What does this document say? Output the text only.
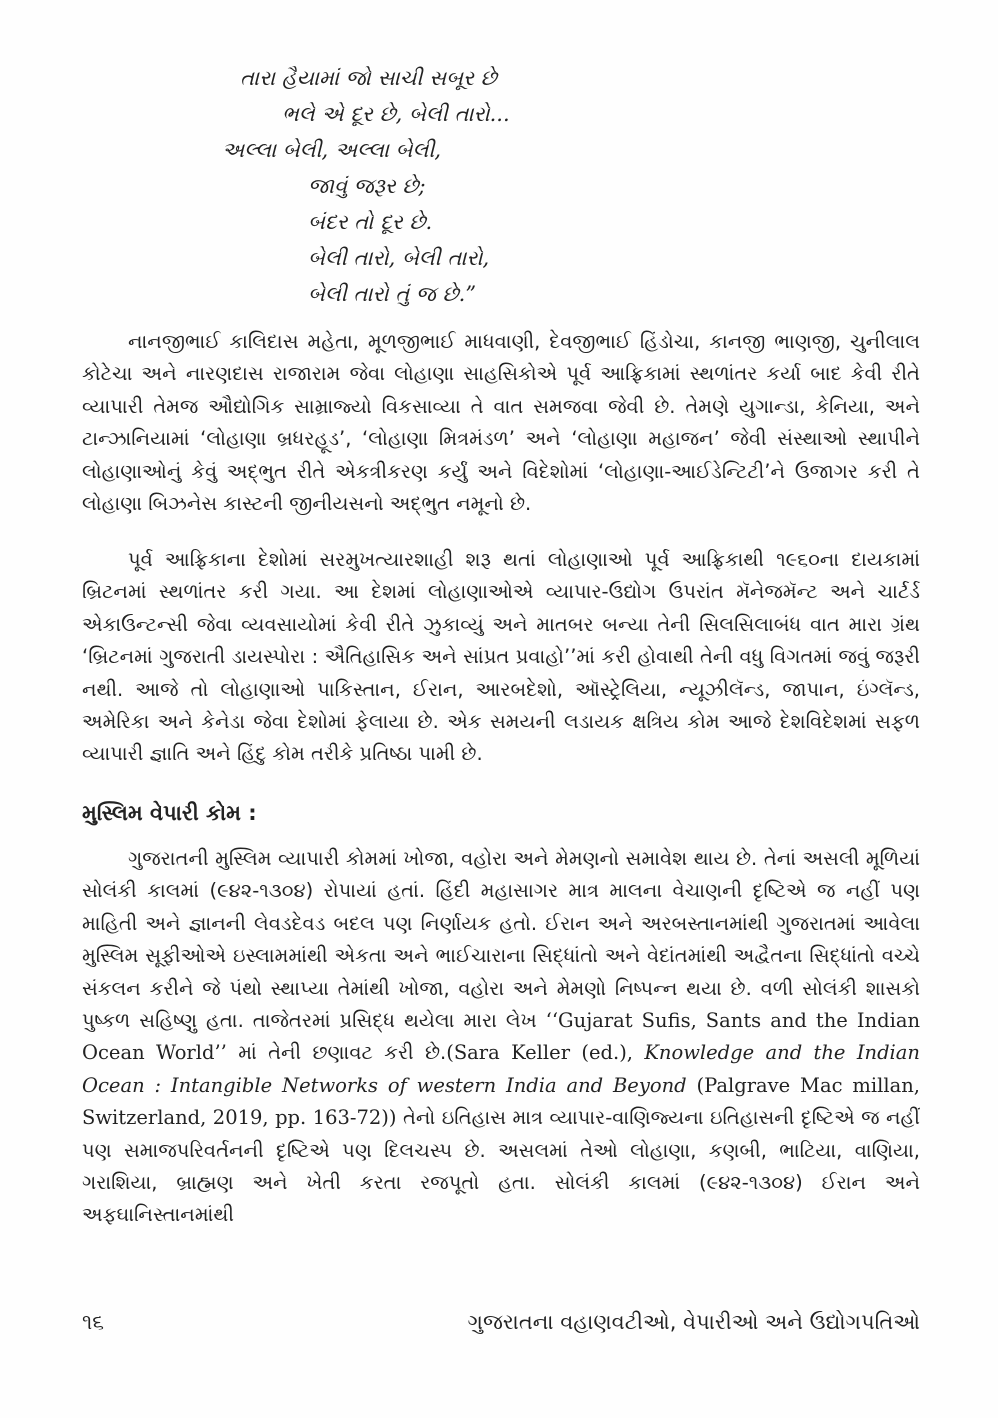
તારા હૈયામાં જો સાચી સબૂર છે
ભલે એ દૂર છે, બેલી તારો...
અલ્લા બેલી, અલ્લા બેલી,
જાવું જરૂર છે;
બંદર તો દૂર છે.
બેલી તારો, બેલી તારો,
બેલી તારો તું જ છે.”

નાનજીભાઈ કાલિદાસ મહેતા, મૂળજીભાઈ માધવાણી, દેવજીભાઈ હિંડોચા, કાનજી ભાણજી, ચુનીલાલ કોટેચા અને નારણદાસ રાજારામ જેવા લોહાણા સાહસિકોએ પૂર્વ આફ્રિકામાં સ્થળાંતર કર્યા બાદ કેવી રીતે વ્યાપારી તેમજ ઔદ્યોગિક સામ્રાજ્યો વિકસાવ્યા તે વાત સમજવા જેવી છે. તેમણે યુગાન્ડા, કેનિયા, અને ટાન્ઝાનિયામાં ‘લોહાણા બ્રધરહૂડ’, ‘લોહાણા મિત્રમંડળ’ અને ‘લોહાણા મહાજન’ જેવી સંસ્થાઓ સ્થાપીને લોહાણાઓનું કેવું અદ્‌ભુત રીતે એકત્રીકરણ કર્યું અને વિદેશોમાં ‘લોહાણા-આઈડેન્ટિટી’ને ઉજાગર કરી તે લોહાણા બિઝનેસ કાસ્ટની જીનીયસનો અદ્‌ભુત નમૂનો છે.

પૂર્વ આફ્રિકાના દેશોમાં સરમુખત્યારશાહી શરૂ થતાં લોહાણાઓ પૂર્વ આફ્રિકાથી ૧૯૬૦ના દાયકામાં બ્રિટનમાં સ્થળાંતર કરી ગયા. આ દેશમાં લોહાણાઓએ વ્યાપાર-ઉદ્યોગ ઉપરાંત મૅનેજમૅન્ટ અને ચાર્ટર્ડ એકાઉન્ટન્સી જેવા વ્યવસાયોમાં કેવી રીતે ઝુકાવ્યું અને માતબર બન્યા તેની સિલસિલાબંધ વાત મારા ગ્રંથ ‘બ્રિટનમાં ગુજરાતી ડાયસ્પોરા : ઐતિહાસિક અને સાંપ્રત પ્રવાહો’’માં કરી હોવાથી તેની વધુ વિગતમાં જવું જરૂરી નથી. આજે તો લોહાણાઓ પાકિસ્તાન, ઈરાન, આરબદેશો, ઑસ્ટ્રેલિયા, ન્યૂઝીલૅન્ડ, જાપાન, ઇંગ્લૅન્ડ, અમેરિકા અને કેનેડા જેવા દેશોમાં ફેલાયા છે. એક સમયની લડાયક ક્ષત્રિય કોમ આજે દેશવિદેશમાં સફળ વ્યાપારી જ્ઞાતિ અને હિંદુ કોમ તરીકે પ્રતિષ્ઠા પામી છે.

મુસ્લિમ વેપારી કોમ :

ગુજરાતની મુસ્લિમ વ્યાપારી કોમમાં ખોજા, વહોરા અને મેમણનો સમાવેશ થાય છે. તેનાં અસલી મૂળિયાં સોલંકી કાલમાં (૯૪૨-૧૩૦૪) રોપાયાં હતાં. હિંદી મહાસાગર માત્ર માલના વેચાણની દૃષ્ટિએ જ નહીં પણ માહિતી અને જ્ઞાનની લેવડદેવડ બદલ પણ નિર્ણાયક હતો. ઈરાન અને અરબસ્તાનમાંથી ગુજરાતમાં આવેલા મુસ્લિમ સૂફીઓએ ઇસ્લામમાંથી એકતા અને ભાઈચારાના સિદ્ધાંતો અને વેદાંતમાંથી અદ્વૈતના સિદ્ધાંતો વચ્ચે સંકલન કરીને જે પંથો સ્થાપ્યા તેમાંથી ખોજા, વહોરા અને મેમણો નિષ્પન્ન થયા છે. વળી સોલંકી શાસકો પુષ્કળ સહિષ્ણુ હતા. તાજેતરમાં પ્રસિદ્ધ થયેલા મારા લેખ ‘‘Gujarat Sufis, Sants and the Indian Ocean World’’ માં તેની છણાવટ કરી છે.(Sara Keller (ed.), Knowledge and the Indian Ocean : Intangible Networks of western India and Beyond (Palgrave Mac millan, Switzerland, 2019, pp. 163-72)) તેનો ઇતિહાસ માત્ર વ્યાપાર-વાણિજ્યના ઇતિહાસની દૃષ્ટિએ જ નહીં પણ સમાજપરિવર્તનની દૃષ્ટિએ પણ દિલચસ્પ છે. અસલમાં તેઓ લોહાણા, કણબી, ભાટિયા, વાણિયા, ગરાશિયા, બ્રાહ્મણ અને ખેતી કરતા રજપૂતો હતા. સોલંકી કાલમાં (૯૪૨-૧૩૦૪) ઈરાન અને અફઘાનિસ્તાનમાંથી

૧૬	ગુજરાતના વહાણવટીઓ, વેપારીઓ અને ઉદ્યોગપતિઓ
